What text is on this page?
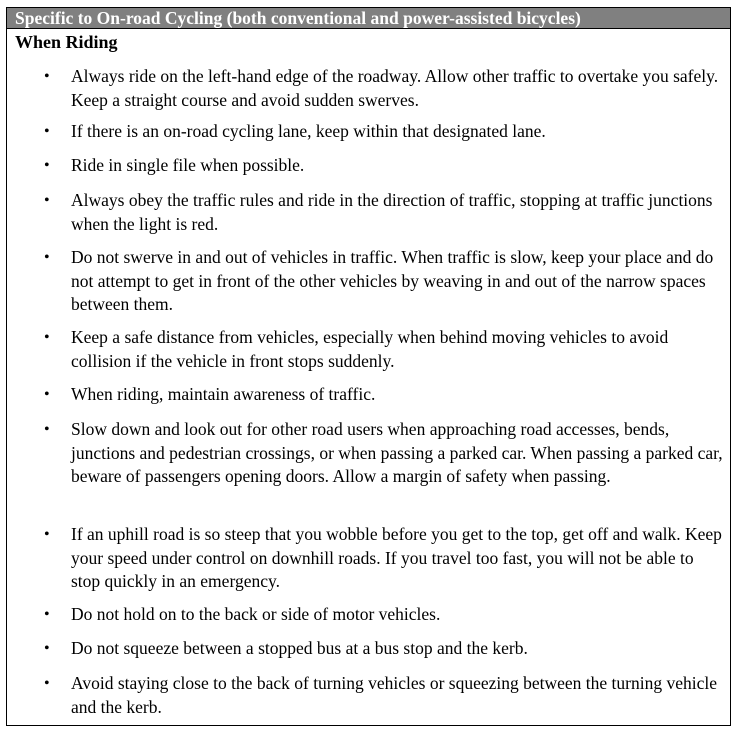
Specific to On-road Cycling (both conventional and power-assisted bicycles)
When Riding
• Always ride on the left-hand edge of the roadway. Allow other traffic to overtake you safely. Keep a straight course and avoid sudden swerves.
• If there is an on-road cycling lane, keep within that designated lane.
• Ride in single file when possible.
• Always obey the traffic rules and ride in the direction of traffic, stopping at traffic junctions when the light is red.
• Do not swerve in and out of vehicles in traffic. When traffic is slow, keep your place and do not attempt to get in front of the other vehicles by weaving in and out of the narrow spaces between them.
• Keep a safe distance from vehicles, especially when behind moving vehicles to avoid collision if the vehicle in front stops suddenly.
• When riding, maintain awareness of traffic.
• Slow down and look out for other road users when approaching road accesses, bends, junctions and pedestrian crossings, or when passing a parked car. When passing a parked car, beware of passengers opening doors. Allow a margin of safety when passing.
• If an uphill road is so steep that you wobble before you get to the top, get off and walk. Keep your speed under control on downhill roads. If you travel too fast, you will not be able to stop quickly in an emergency.
• Do not hold on to the back or side of motor vehicles.
• Do not squeeze between a stopped bus at a bus stop and the kerb.
• Avoid staying close to the back of turning vehicles or squeezing between the turning vehicle and the kerb.
